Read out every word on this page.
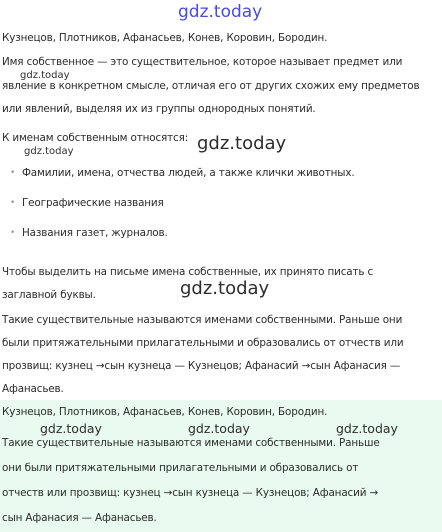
gdz.today
Кузнецов, Плотников, Афанасьев, Конев, Коровин, Бородин.
Имя собственное — это существительное, которое называет предмет или
явление в конкретном смысле, отличая его от других схожих ему предметов
или явлений, выделяя их из группы однородных понятий.
gdz.today
К именам собственным относятся:
gdz.today	gdz.today
• Фамилии, имена, отчества людей, а также клички животных.
• Географические названия
• Названия газет, журналов.
Чтобы выделить на письме имена собственные, их принято писать с
заглавной буквы.	gdz.today
Такие существительные называются именами собственными. Раньше они
были притяжательными прилагательными и образовались от отчеств или
прозвищ: кузнец →сын кузнеца — Кузнецов; Афанасий →сын Афанасия —
Афанасьев.
Кузнецов, Плотников, Афанасьев, Конев, Коровин, Бородин.
gdz.today	gdz.today	gdz.today
Такие существительные называются именами собственными. Раньше
они были притяжательными прилагательными и образовались от
отчеств или прозвищ: кузнец →сын кузнеца — Кузнецов; Афанасий →
сын Афанасия — Афанасьев.
